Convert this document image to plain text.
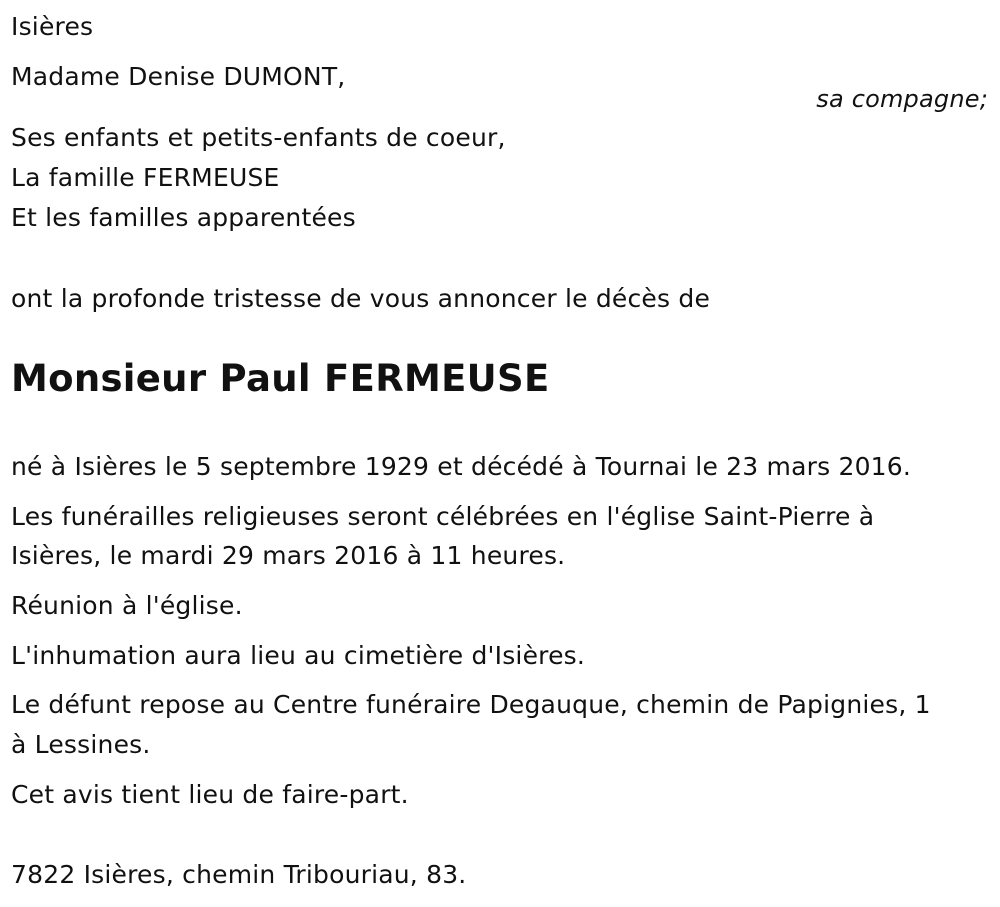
Isières
Madame Denise DUMONT,
sa compagne;
Ses enfants et petits-enfants de coeur,
La famille FERMEUSE
Et les familles apparentées
ont la profonde tristesse de vous annoncer le décès de
Monsieur Paul FERMEUSE
né à Isières le 5 septembre 1929 et décédé à Tournai le 23 mars 2016.
Les funérailles religieuses seront célébrées en l'église Saint-Pierre à
Isières, le mardi 29 mars 2016 à 11 heures.
Réunion à l'église.
L'inhumation aura lieu au cimetière d'Isières.
Le défunt repose au Centre funéraire Degauque, chemin de Papignies, 1
à Lessines.
Cet avis tient lieu de faire-part.
7822 Isières, chemin Tribouriau, 83.
